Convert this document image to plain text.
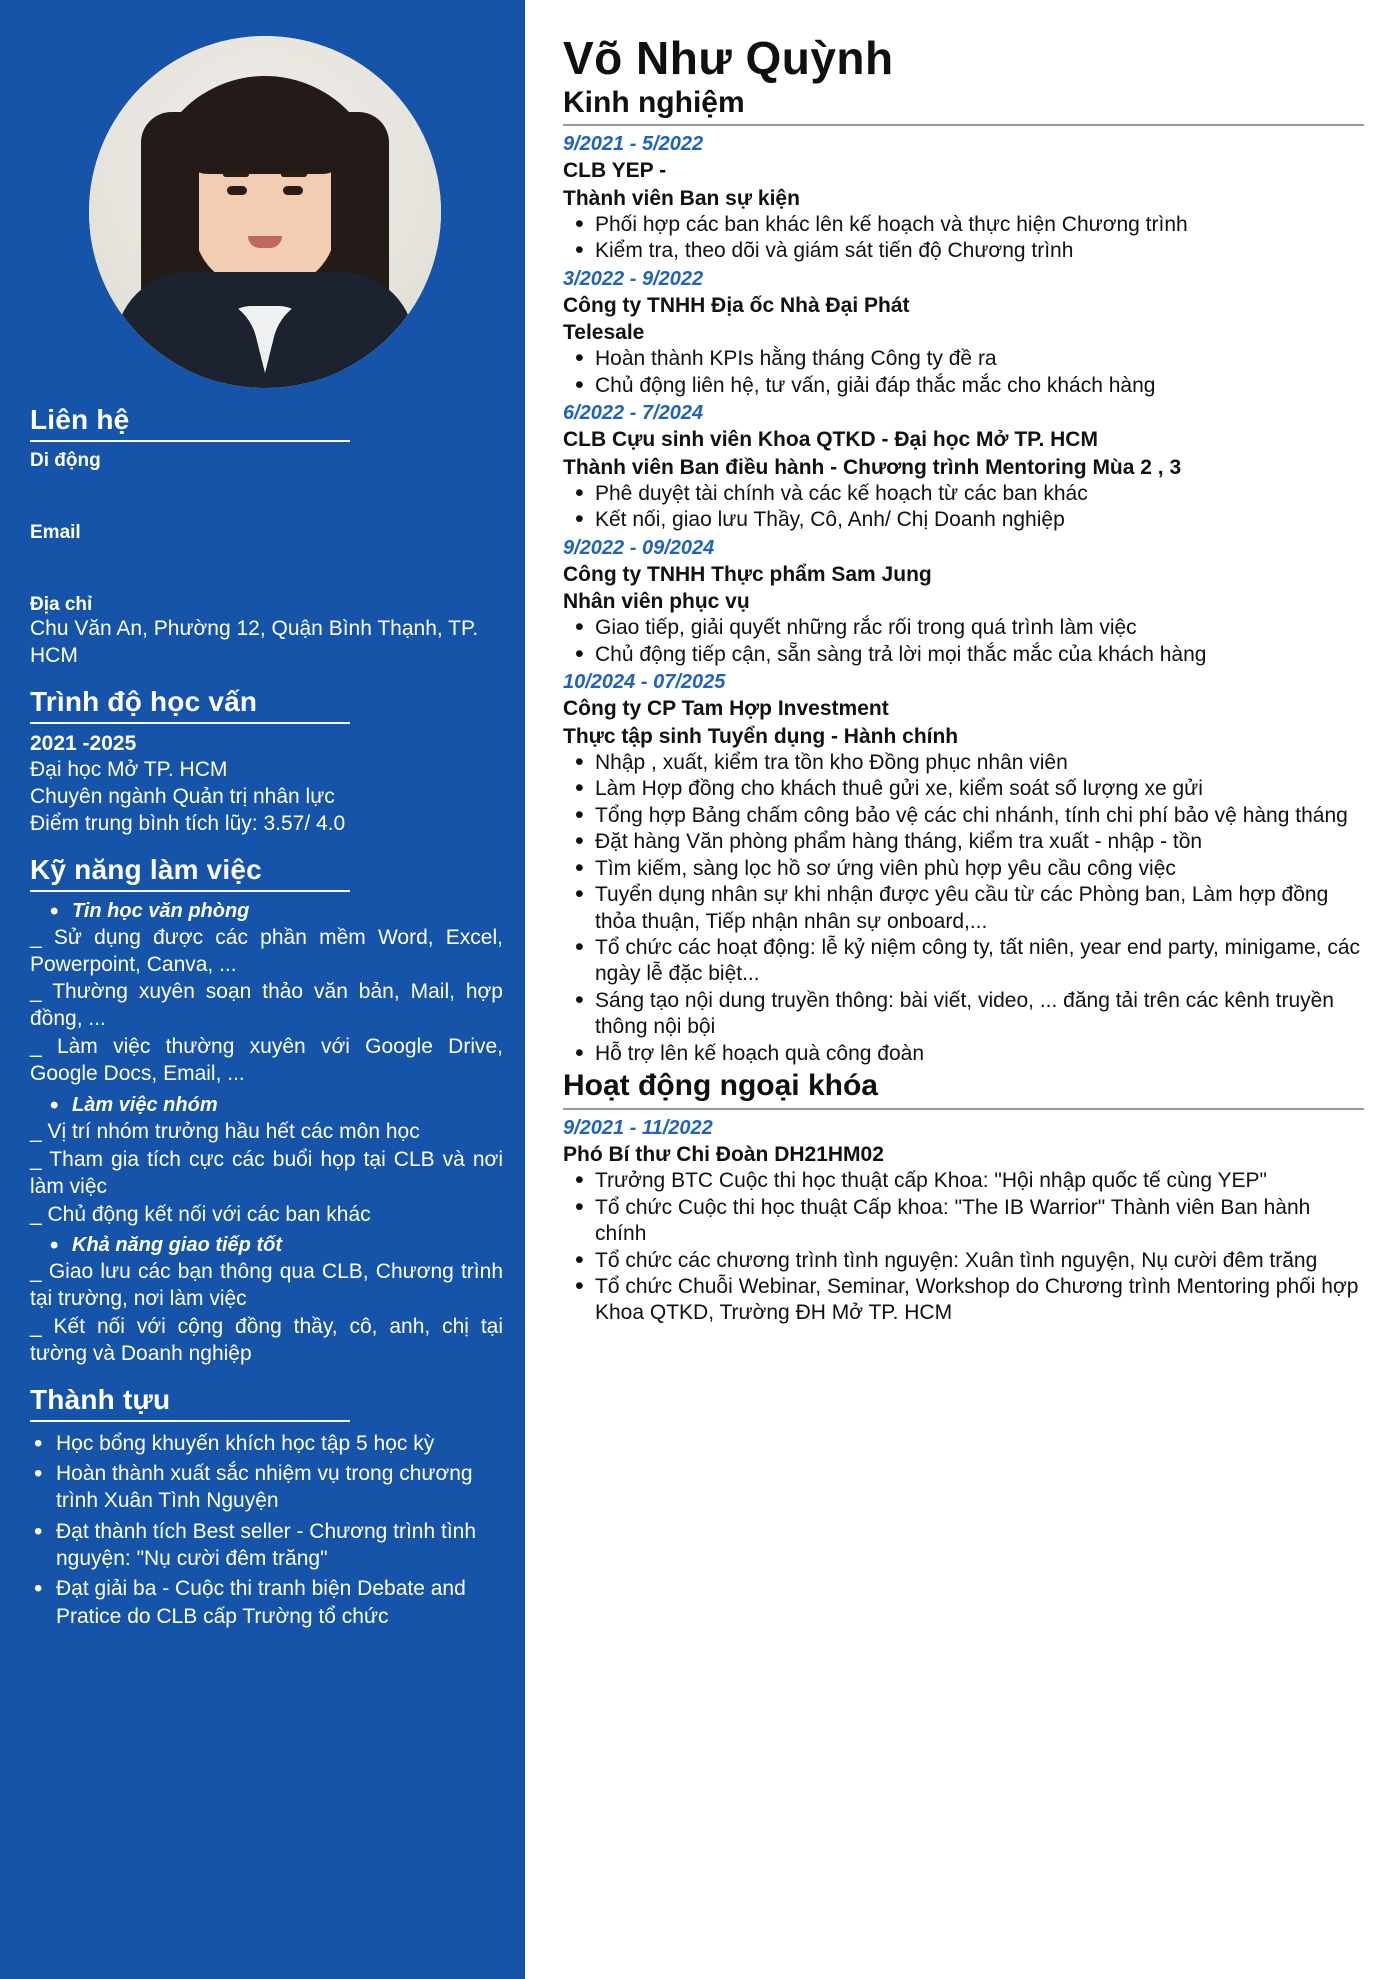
Liên hệ
Di động
Email
Địa chỉ
Chu Văn An, Phường 12, Quận Bình Thạnh, TP. HCM
Trình độ học vấn
2021 -2025
Đại học Mở TP. HCM
Chuyên ngành Quản trị nhân lực
Điểm trung bình tích lũy: 3.57/ 4.0
Kỹ năng làm việc
• Tin học văn phòng
_ Sử dụng được các phần mềm Word, Excel, Powerpoint, Canva, ...
_ Thường xuyên soạn thảo văn bản, Mail, hợp đồng, ...
_ Làm việc thường xuyên với Google Drive, Google Docs, Email, ...
• Làm việc nhóm
_ Vị trí nhóm trưởng hầu hết các môn học
_ Tham gia tích cực các buổi họp tại CLB và nơi làm việc
_ Chủ động kết nối với các ban khác
• Khả năng giao tiếp tốt
_ Giao lưu các bạn thông qua CLB, Chương trình tại trường, nơi làm việc
_ Kết nối với cộng đồng thầy, cô, anh, chị tại tường và Doanh nghiệp
Thành tựu
• Học bổng khuyến khích học tập 5 học kỳ
• Hoàn thành xuất sắc nhiệm vụ trong chương trình Xuân Tình Nguyện
• Đạt thành tích Best seller - Chương trình tình nguyện: "Nụ cười đêm trăng"
• Đạt giải ba - Cuộc thi tranh biện Debate and Pratice do CLB cấp Trường tổ chức
Võ Như Quỳnh
Kinh nghiệm
9/2021 - 5/2022
CLB YEP -
Thành viên Ban sự kiện
• Phối hợp các ban khác lên kế hoạch và thực hiện Chương trình
• Kiểm tra, theo dõi và giám sát tiến độ Chương trình
3/2022 - 9/2022
Công ty TNHH Địa ốc Nhà Đại Phát
Telesale
• Hoàn thành KPIs hằng tháng Công ty đề ra
• Chủ động liên hệ, tư vấn, giải đáp thắc mắc cho khách hàng
6/2022 - 7/2024
CLB Cựu sinh viên Khoa QTKD - Đại học Mở TP. HCM
Thành viên Ban điều hành - Chương trình Mentoring Mùa 2 , 3
• Phê duyệt tài chính và các kế hoạch từ các ban khác
• Kết nối, giao lưu Thầy, Cô, Anh/ Chị Doanh nghiệp
9/2022 - 09/2024
Công ty TNHH Thực phẩm Sam Jung
Nhân viên phục vụ
• Giao tiếp, giải quyết những rắc rối trong quá trình làm việc
• Chủ động tiếp cận, sẵn sàng trả lời mọi thắc mắc của khách hàng
10/2024 - 07/2025
Công ty CP Tam Hợp Investment
Thực tập sinh Tuyển dụng - Hành chính
• Nhập , xuất, kiểm tra tồn kho Đồng phục nhân viên
• Làm Hợp đồng cho khách thuê gửi xe, kiểm soát số lượng xe gửi
• Tổng hợp Bảng chấm công bảo vệ các chi nhánh, tính chi phí bảo vệ hàng tháng
• Đặt hàng Văn phòng phẩm hàng tháng, kiểm tra xuất - nhập - tồn
• Tìm kiếm, sàng lọc hồ sơ ứng viên phù hợp yêu cầu công việc
• Tuyển dụng nhân sự khi nhận được yêu cầu từ các Phòng ban, Làm hợp đồng thỏa thuận, Tiếp nhận nhân sự onboard,...
• Tổ chức các hoạt động: lễ kỷ niệm công ty, tất niên, year end party, minigame, các ngày lễ đặc biệt...
• Sáng tạo nội dung truyền thông: bài viết, video, ... đăng tải trên các kênh truyền thông nội bội
• Hỗ trợ lên kế hoạch quà công đoàn
Hoạt động ngoại khóa
9/2021 - 11/2022
Phó Bí thư Chi Đoàn DH21HM02
• Trưởng BTC Cuộc thi học thuật cấp Khoa: "Hội nhập quốc tế cùng YEP"
• Tổ chức Cuộc thi học thuật Cấp khoa: "The IB Warrior" Thành viên Ban hành chính
• Tổ chức các chương trình tình nguyện: Xuân tình nguyện, Nụ cười đêm trăng
• Tổ chức Chuỗi Webinar, Seminar, Workshop do Chương trình Mentoring phối hợp Khoa QTKD, Trường ĐH Mở TP. HCM
